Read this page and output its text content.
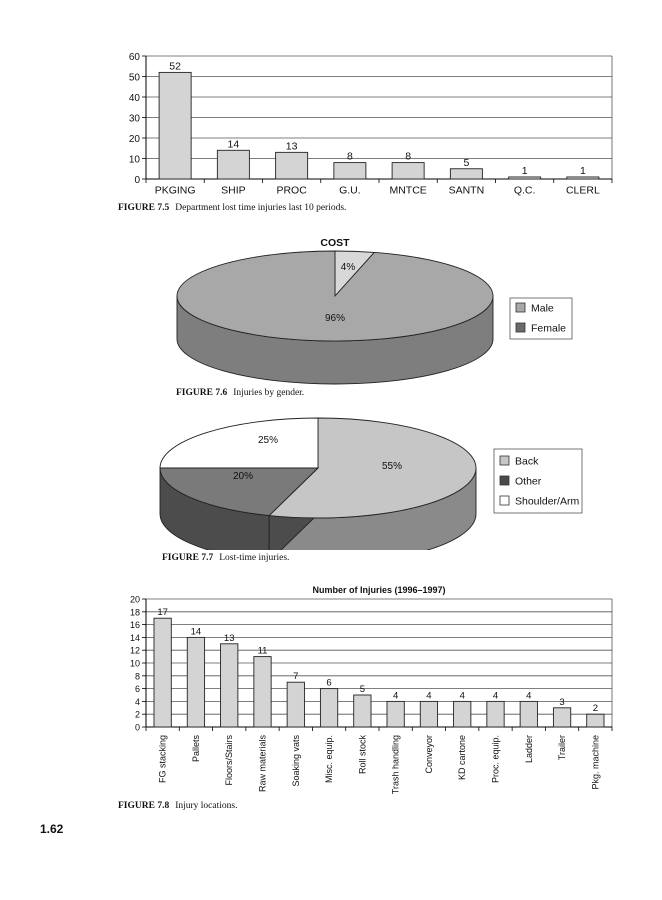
0
10
20
30
40
50
60
52
PKGING
14
SHIP
13
PROC
8
G.U.
8
MNTCE
5
SANTN
1
Q.C.
1
CLERL
FIGURE 7.5 Department lost time injuries last 10 periods.
4%
96%
COST
Male
Female
FIGURE 7.6 Injuries by gender.
55%
20%
25%
Back
Other
Shoulder/Arm
FIGURE 7.7 Lost-time injuries.
Number of Injuries (1996–1997)
0
2
4
6
8
10
12
14
16
18
20
17
FG stacking
14
Pallets
13
Floors/Stairs
11
Raw materials
7
Soaking vats
6
Misc. equip.
5
Roll stock
4
Trash handling
4
Conveyor
4
KD cartone
4
Proc. equip.
4
Ladder
3
Trailer
2
Pkg. machine
FIGURE 7.8 Injury locations.
1.62
